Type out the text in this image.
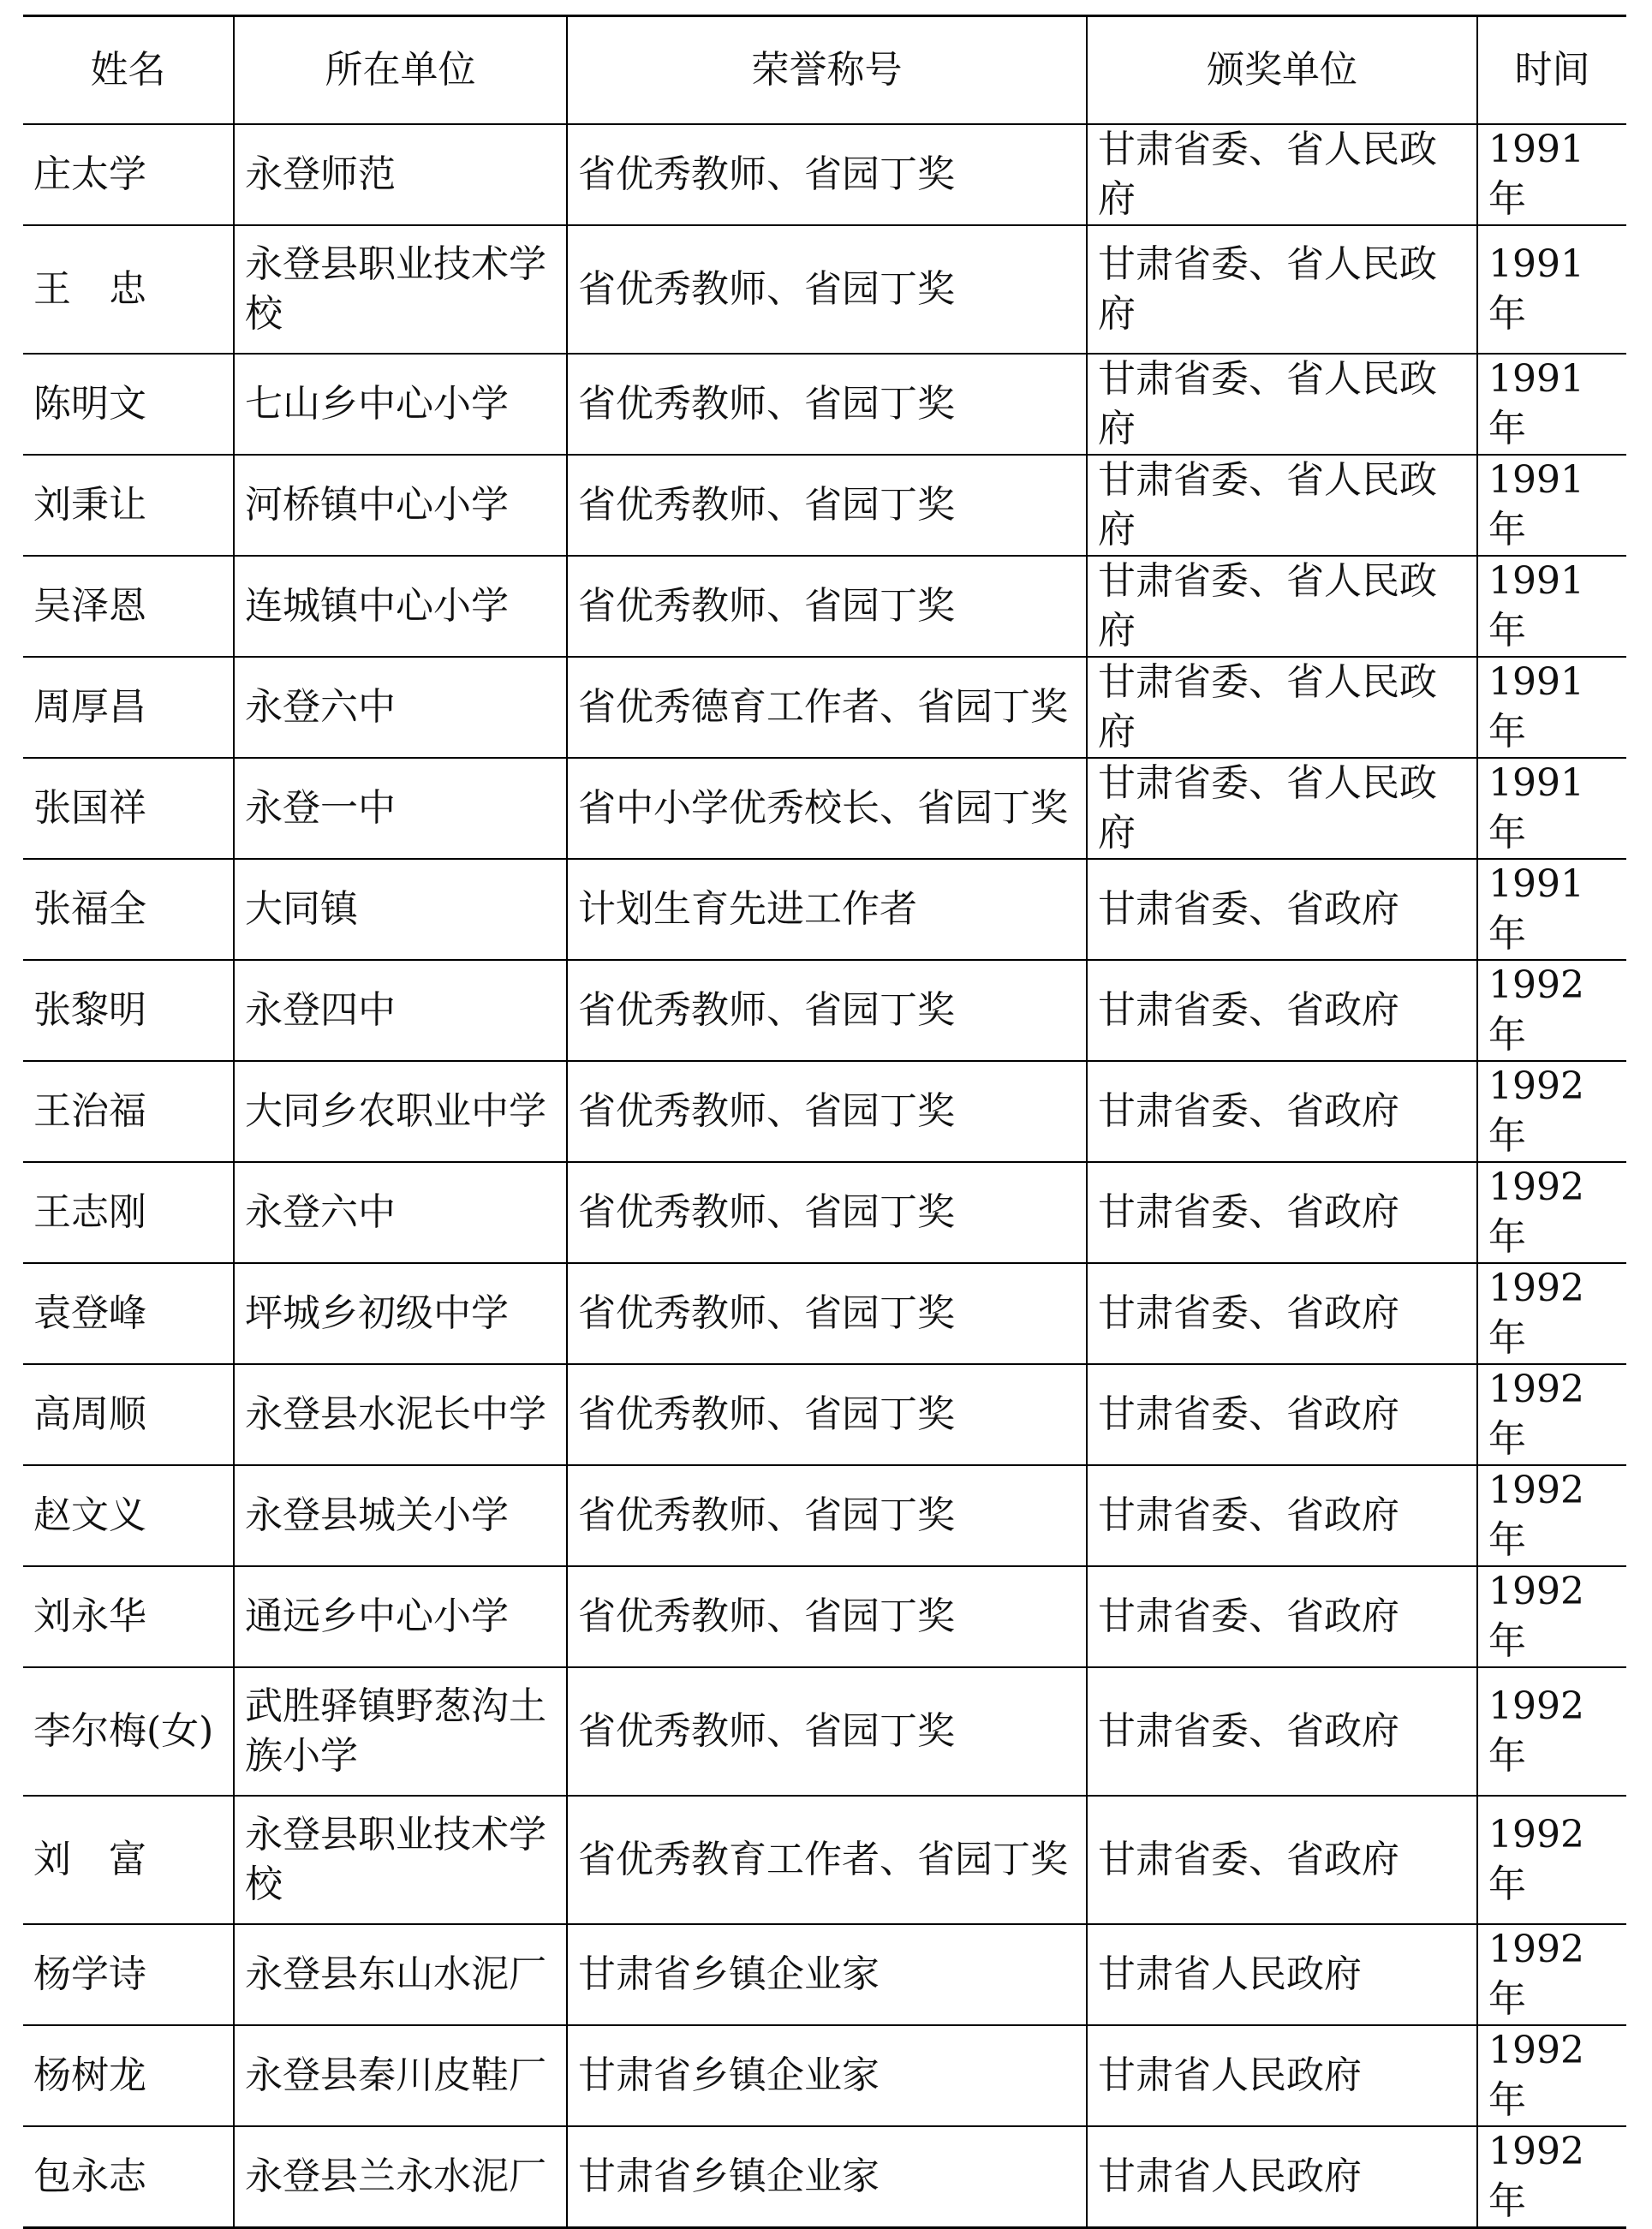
姓名	所在单位	荣誉称号	颁奖单位	时间
庄太学	永登师范	省优秀教师、省园丁奖	甘肃省委、省人民政府	1991 年
王　忠	永登县职业技术学校	省优秀教师、省园丁奖	甘肃省委、省人民政府	1991 年
陈明文	七山乡中心小学	省优秀教师、省园丁奖	甘肃省委、省人民政府	1991 年
刘秉让	河桥镇中心小学	省优秀教师、省园丁奖	甘肃省委、省人民政府	1991 年
吴泽恩	连城镇中心小学	省优秀教师、省园丁奖	甘肃省委、省人民政府	1991 年
周厚昌	永登六中	省优秀德育工作者、省园丁奖	甘肃省委、省人民政府	1991 年
张国祥	永登一中	省中小学优秀校长、省园丁奖	甘肃省委、省人民政府	1991 年
张福全	大同镇	计划生育先进工作者	甘肃省委、省政府	1991 年
张黎明	永登四中	省优秀教师、省园丁奖	甘肃省委、省政府	1992 年
王治福	大同乡农职业中学	省优秀教师、省园丁奖	甘肃省委、省政府	1992 年
王志刚	永登六中	省优秀教师、省园丁奖	甘肃省委、省政府	1992 年
袁登峰	坪城乡初级中学	省优秀教师、省园丁奖	甘肃省委、省政府	1992 年
高周顺	永登县水泥长中学	省优秀教师、省园丁奖	甘肃省委、省政府	1992 年
赵文义	永登县城关小学	省优秀教师、省园丁奖	甘肃省委、省政府	1992 年
刘永华	通远乡中心小学	省优秀教师、省园丁奖	甘肃省委、省政府	1992 年
李尔梅(女)	武胜驿镇野葱沟土族小学	省优秀教师、省园丁奖	甘肃省委、省政府	1992 年
刘　富	永登县职业技术学校	省优秀教育工作者、省园丁奖	甘肃省委、省政府	1992 年
杨学诗	永登县东山水泥厂	甘肃省乡镇企业家	甘肃省人民政府	1992 年
杨树龙	永登县秦川皮鞋厂	甘肃省乡镇企业家	甘肃省人民政府	1992 年
包永志	永登县兰永水泥厂	甘肃省乡镇企业家	甘肃省人民政府	1992 年
